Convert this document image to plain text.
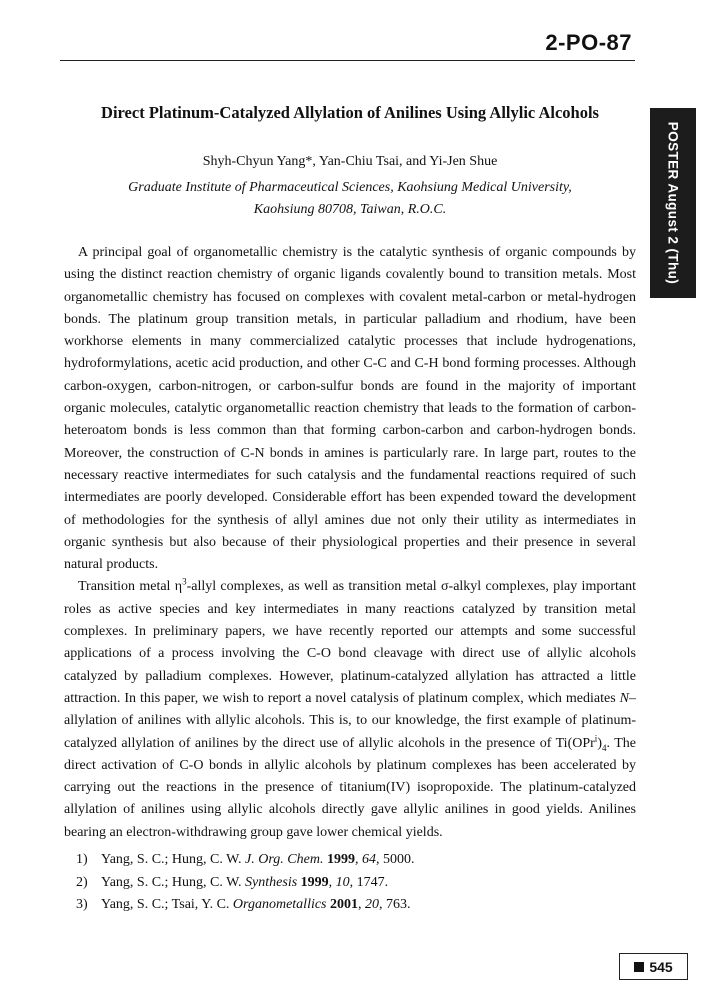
2-PO-87
POSTER August 2 (Thu)
Direct Platinum-Catalyzed Allylation of Anilines Using Allylic Alcohols
Shyh-Chyun Yang*, Yan-Chiu Tsai, and Yi-Jen Shue
Graduate Institute of Pharmaceutical Sciences, Kaohsiung Medical University,
Kaohsiung 80708, Taiwan, R.O.C.

A principal goal of organometallic chemistry is the catalytic synthesis of organic compounds by using the distinct reaction chemistry of organic ligands covalently bound to transition metals. Most organometallic chemistry has focused on complexes with covalent metal-carbon or metal-hydrogen bonds. The platinum group transition metals, in particular palladium and rhodium, have been workhorse elements in many commercialized catalytic processes that include hydrogenations, hydroformylations, acetic acid production, and other C-C and C-H bond forming processes. Although carbon-oxygen, carbon-nitrogen, or carbon-sulfur bonds are found in the majority of important organic molecules, catalytic organometallic reaction chemistry that leads to the formation of carbon-heteroatom bonds is less common than that forming carbon-carbon and carbon-hydrogen bonds. Moreover, the construction of C-N bonds in amines is particularly rare. In large part, routes to the necessary reactive intermediates for such catalysis and the fundamental reactions required of such intermediates are poorly developed. Considerable effort has been expended toward the development of methodologies for the synthesis of allyl amines due not only their utility as intermediates in organic synthesis but also because of their physiological properties and their presence in several natural products.

Transition metal $\eta^3$-allyl complexes, as well as transition metal σ-alkyl complexes, play important roles as active species and key intermediates in many reactions catalyzed by transition metal complexes. In preliminary papers, we have recently reported our attempts and some successful applications of a process involving the C-O bond cleavage with direct use of allylic alcohols catalyzed by palladium complexes. However, platinum-catalyzed allylation has attracted a little attraction. In this paper, we wish to report a novel catalysis of platinum complex, which mediates N–allylation of anilines with allylic alcohols. This is, to our knowledge, the first example of platinum-catalyzed allylation of anilines by the direct use of allylic alcohols in the presence of $Ti(OPr^i)_4$. The direct activation of C-O bonds in allylic alcohols by platinum complexes has been accelerated by carrying out the reactions in the presence of titanium(IV) isopropoxide. The platinum-catalyzed allylation of anilines using allylic alcohols directly gave allylic anilines in good yields. Anilines bearing an electron-withdrawing group gave lower chemical yields.

1) Yang, S. C.; Hung, C. W. J. Org. Chem. 1999, 64, 5000.
2) Yang, S. C.; Hung, C. W. Synthesis 1999, 10, 1747.
3) Yang, S. C.; Tsai, Y. C. Organometallics 2001, 20, 763.
545
